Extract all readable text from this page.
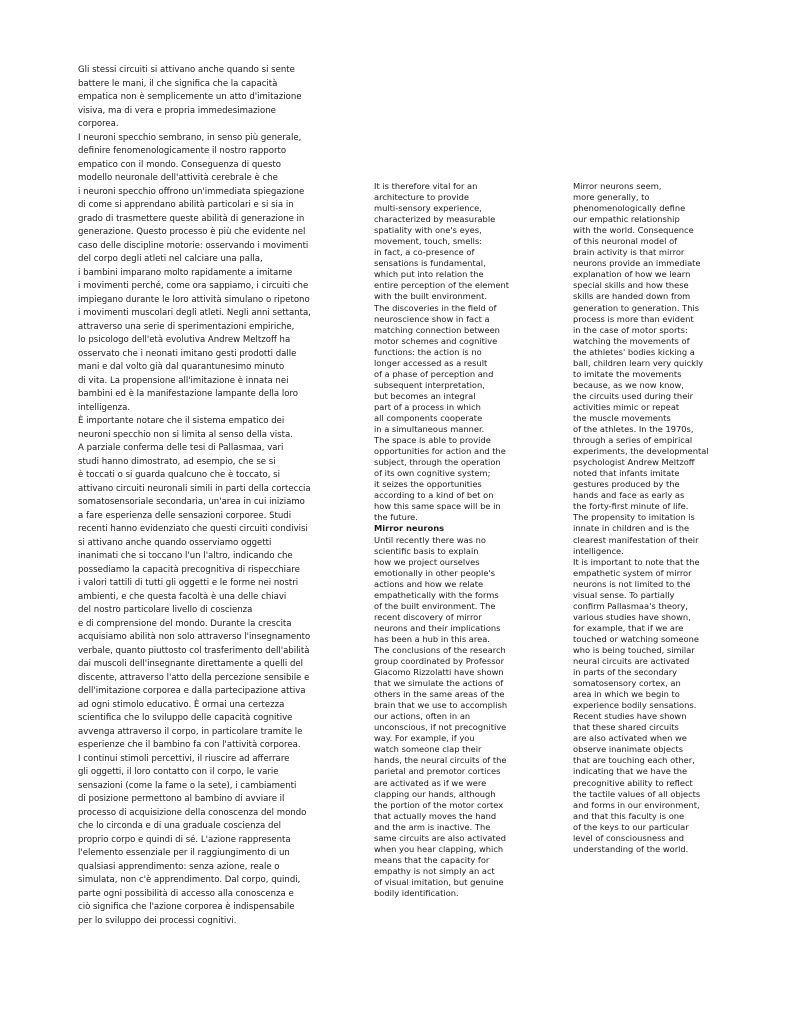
Gli stessi circuiti si attivano anche quando si sente
battere le mani, il che significa che la capacità
empatica non è semplicemente un atto d'imitazione
visiva, ma di vera e propria immedesimazione
corporea.

I neuroni specchio sembrano, in senso più generale,
definire fenomenologicamente il nostro rapporto
empatico con il mondo. Conseguenza di questo
modello neuronale dell'attività cerebrale è che
i neuroni specchio offrono un'immediata spiegazione
di come si apprendano abilità particolari e si sia in
grado di trasmettere queste abilità di generazione in
generazione. Questo processo è più che evidente nel
caso delle discipline motorie: osservando i movimenti
del corpo degli atleti nel calciare una palla,
i bambini imparano molto rapidamente a imitarne
i movimenti perché, come ora sappiamo, i circuiti che
impiegano durante le loro attività simulano o ripetono
i movimenti muscolari degli atleti. Negli anni settanta,
attraverso una serie di sperimentazioni empiriche,
lo psicologo dell'età evolutiva Andrew Meltzoff ha
osservato che i neonati imitano gesti prodotti dalle
mani e dal volto già dal quarantunesimo minuto
di vita. La propensione all'imitazione è innata nei
bambini ed è la manifestazione lampante della loro
intelligenza.

È importante notare che il sistema empatico dei
neuroni specchio non si limita al senso della vista.
A parziale conferma delle tesi di Pallasmaa, vari
studi hanno dimostrato, ad esempio, che se si
è toccati o si guarda qualcuno che è toccato, si
attivano circuiti neuronali simili in parti della corteccia
somatosensoriale secondaria, un'area in cui iniziamo
a fare esperienza delle sensazioni corporee. Studi
recenti hanno evidenziato che questi circuiti condivisi
si attivano anche quando osserviamo oggetti
inanimati che si toccano l'un l'altro, indicando che
possediamo la capacità precognitiva di rispecchiare
i valori tattili di tutti gli oggetti e le forme nei nostri
ambienti, e che questa facoltà è una delle chiavi
del nostro particolare livello di coscienza
e di comprensione del mondo. Durante la crescita
acquisiamo abilità non solo attraverso l'insegnamento
verbale, quanto piuttosto col trasferimento dell'abilità
dai muscoli dell'insegnante direttamente a quelli del
discente, attraverso l'atto della percezione sensibile e
dell'imitazione corporea e dalla partecipazione attiva
ad ogni stimolo educativo. È ormai una certezza
scientifica che lo sviluppo delle capacità cognitive
avvenga attraverso il corpo, in particolare tramite le
esperienze che il bambino fa con l'attività corporea.
I continui stimoli percettivi, il riuscire ad afferrare
gli oggetti, il loro contatto con il corpo, le varie
sensazioni (come la fame o la sete), i cambiamenti
di posizione permettono al bambino di avviare il
processo di acquisizione della conoscenza del mondo
che lo circonda e di una graduale coscienza del
proprio corpo e quindi di sé. L'azione rappresenta
l'elemento essenziale per il raggiungimento di un
qualsiasi apprendimento: senza azione, reale o
simulata, non c'è apprendimento. Dal corpo, quindi,
parte ogni possibilità di accesso alla conoscenza e
ciò significa che l'azione corporea è indispensabile
per lo sviluppo dei processi cognitivi.

It is therefore vital for an
architecture to provide
multi-sensory experience,
characterized by measurable
spatiality with one's eyes,
movement, touch, smells:
in fact, a co-presence of
sensations is fundamental,
which put into relation the
entire perception of the element
with the built environment.
The discoveries in the field of
neuroscience show in fact a
matching connection between
motor schemes and cognitive
functions: the action is no
longer accessed as a result
of a phase of perception and
subsequent interpretation,
but becomes an integral
part of a process in which
all components cooperate
in a simultaneous manner.
The space is able to provide
opportunities for action and the
subject, through the operation
of its own cognitive system;
it seizes the opportunities
according to a kind of bet on
how this same space will be in
the future.

Mirror neurons

Until recently there was no
scientific basis to explain
how we project ourselves
emotionally in other people's
actions and how we relate
empathetically with the forms
of the built environment. The
recent discovery of mirror
neurons and their implications
has been a hub in this area.
The conclusions of the research
group coordinated by Professor
Giacomo Rizzolatti have shown
that we simulate the actions of
others in the same areas of the
brain that we use to accomplish
our actions, often in an
unconscious, if not precognitive
way. For example, if you
watch someone clap their
hands, the neural circuits of the
parietal and premotor cortices
are activated as if we were
clapping our hands, although
the portion of the motor cortex
that actually moves the hand
and the arm is inactive. The
same circuits are also activated
when you hear clapping, which
means that the capacity for
empathy is not simply an act
of visual imitation, but genuine
bodily identification.

Mirror neurons seem,
more generally, to
phenomenologically define
our empathic relationship
with the world. Consequence
of this neuronal model of
brain activity is that mirror
neurons provide an immediate
explanation of how we learn
special skills and how these
skills are handed down from
generation to generation. This
process is more than evident
in the case of motor sports:
watching the movements of
the athletes' bodies kicking a
ball, children learn very quickly
to imitate the movements
because, as we now know,
the circuits used during their
activities mimic or repeat
the muscle movements
of the athletes. In the 1970s,
through a series of empirical
experiments, the developmental
psychologist Andrew Meltzoff
noted that infants imitate
gestures produced by the
hands and face as early as
the forty-first minute of life.
The propensity to imitation is
innate in children and is the
clearest manifestation of their
intelligence.

It is important to note that the
empathetic system of mirror
neurons is not limited to the
visual sense. To partially
confirm Pallasmaa's theory,
various studies have shown,
for example, that if we are
touched or watching someone
who is being touched, similar
neural circuits are activated
in parts of the secondary
somatosensory cortex, an
area in which we begin to
experience bodily sensations.
Recent studies have shown
that these shared circuits
are also activated when we
observe inanimate objects
that are touching each other,
indicating that we have the
precognitive ability to reflect
the tactile values of all objects
and forms in our environment,
and that this faculty is one
of the keys to our particular
level of consciousness and
understanding of the world.
